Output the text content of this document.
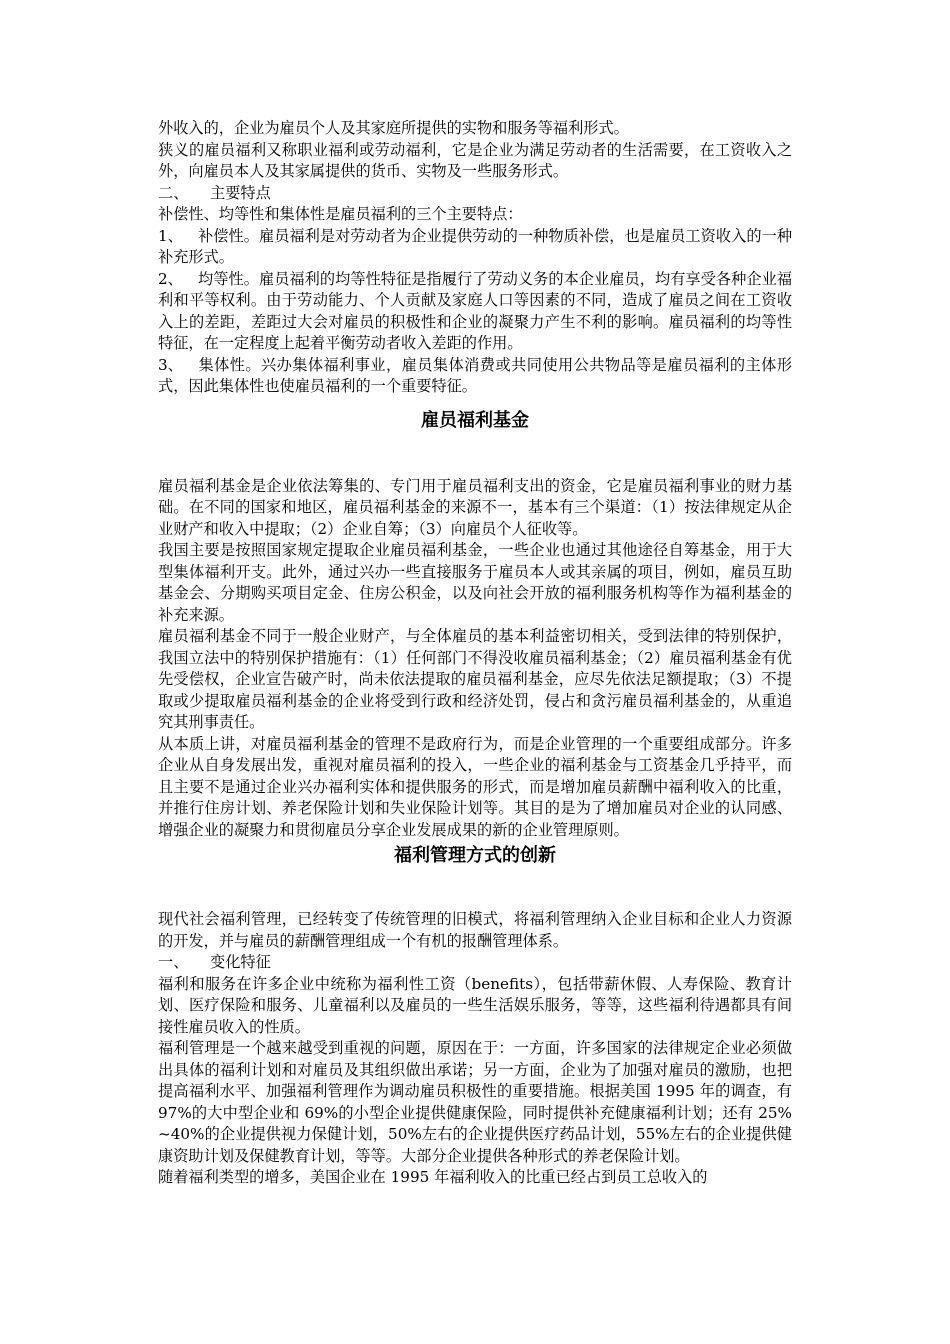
外收入的，企业为雇员个人及其家庭所提供的实物和服务等福利形式。

狭义的雇员福利又称职业福利或劳动福利，它是企业为满足劳动者的生活需要，在工资收入之外，向雇员本人及其家属提供的货币、实物及一些服务形式。

二、 主要特点

补偿性、均等性和集体性是雇员福利的三个主要特点：

1、 补偿性。雇员福利是对劳动者为企业提供劳动的一种物质补偿，也是雇员工资收入的一种补充形式。

2、 均等性。雇员福利的均等性特征是指履行了劳动义务的本企业雇员，均有享受各种企业福利和平等权利。由于劳动能力、个人贡献及家庭人口等因素的不同，造成了雇员之间在工资收入上的差距，差距过大会对雇员的积极性和企业的凝聚力产生不利的影响。雇员福利的均等性特征，在一定程度上起着平衡劳动者收入差距的作用。

3、 集体性。兴办集体福利事业，雇员集体消费或共同使用公共物品等是雇员福利的主体形式，因此集体性也使雇员福利的一个重要特征。

雇员福利基金

雇员福利基金是企业依法筹集的、专门用于雇员福利支出的资金，它是雇员福利事业的财力基础。在不同的国家和地区，雇员福利基金的来源不一，基本有三个渠道：（1）按法律规定从企业财产和收入中提取；（2）企业自筹；（3）向雇员个人征收等。

我国主要是按照国家规定提取企业雇员福利基金，一些企业也通过其他途径自筹基金，用于大型集体福利开支。此外，通过兴办一些直接服务于雇员本人或其亲属的项目，例如，雇员互助基金会、分期购买项目定金、住房公积金，以及向社会开放的福利服务机构等作为福利基金的补充来源。

雇员福利基金不同于一般企业财产，与全体雇员的基本利益密切相关，受到法律的特别保护，我国立法中的特别保护措施有：（1）任何部门不得没收雇员福利基金；（2）雇员福利基金有优先受偿权，企业宣告破产时，尚未依法提取的雇员福利基金，应尽先依法足额提取；（3）不提取或少提取雇员福利基金的企业将受到行政和经济处罚，侵占和贪污雇员福利基金的，从重追究其刑事责任。

从本质上讲，对雇员福利基金的管理不是政府行为，而是企业管理的一个重要组成部分。许多企业从自身发展出发，重视对雇员福利的投入，一些企业的福利基金与工资基金几乎持平，而且主要不是通过企业兴办福利实体和提供服务的形式，而是增加雇员薪酬中福利收入的比重，并推行住房计划、养老保险计划和失业保险计划等。其目的是为了增加雇员对企业的认同感、增强企业的凝聚力和贯彻雇员分享企业发展成果的新的企业管理原则。

福利管理方式的创新

现代社会福利管理，已经转变了传统管理的旧模式，将福利管理纳入企业目标和企业人力资源的开发，并与雇员的薪酬管理组成一个有机的报酬管理体系。

一、 变化特征

福利和服务在许多企业中统称为福利性工资（benefits），包括带薪休假、人寿保险、教育计划、医疗保险和服务、儿童福利以及雇员的一些生活娱乐服务，等等，这些福利待遇都具有间接性雇员收入的性质。

福利管理是一个越来越受到重视的问题，原因在于：一方面，许多国家的法律规定企业必须做出具体的福利计划和对雇员及其组织做出承诺；另一方面，企业为了加强对雇员的激励，也把提高福利水平、加强福利管理作为调动雇员积极性的重要措施。根据美国 1995 年的调查，有 97%的大中型企业和 69%的小型企业提供健康保险，同时提供补充健康福利计划；还有 25%~40%的企业提供视力保健计划，50%左右的企业提供医疗药品计划，55%左右的企业提供健康资助计划及保健教育计划，等等。大部分企业提供各种形式的养老保险计划。

随着福利类型的增多，美国企业在 1995 年福利收入的比重已经占到员工总收入的
